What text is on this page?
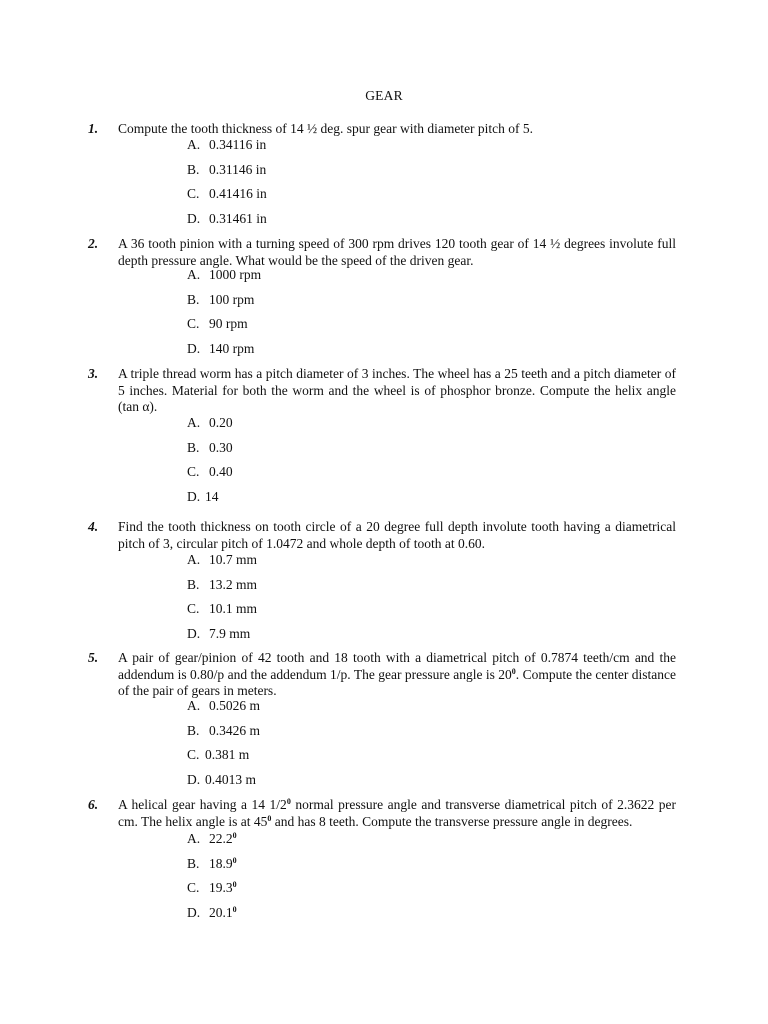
GEAR
1. Compute the tooth thickness of 14 ½ deg. spur gear with diameter pitch of 5.
A. 0.34116 in
B. 0.31146 in
C. 0.41416 in
D. 0.31461 in
2. A 36 tooth pinion with a turning speed of 300 rpm drives 120 tooth gear of 14 ½ degrees involute full depth pressure angle. What would be the speed of the driven gear.
A. 1000 rpm
B. 100 rpm
C. 90 rpm
D. 140 rpm
3. A triple thread worm has a pitch diameter of 3 inches. The wheel has a 25 teeth and a pitch diameter of 5 inches. Material for both the worm and the wheel is of phosphor bronze. Compute the helix angle (tan α).
A. 0.20
B. 0.30
C. 0.40
D. 14
4. Find the tooth thickness on tooth circle of a 20 degree full depth involute tooth having a diametrical pitch of 3, circular pitch of 1.0472 and whole depth of tooth at 0.60.
A. 10.7 mm
B. 13.2 mm
C. 10.1 mm
D. 7.9 mm
5. A pair of gear/pinion of 42 tooth and 18 tooth with a diametrical pitch of 0.7874 teeth/cm and the addendum is 0.80/p and the addendum 1/p. The gear pressure angle is $20^0$. Compute the center distance of the pair of gears in meters.
A. 0.5026 m
B. 0.3426 m
C. 0.381 m
D. 0.4013 m
6. A helical gear having a 14 $1/2^0$ normal pressure angle and transverse diametrical pitch of 2.3622 per cm. The helix angle is at $45^0$ and has 8 teeth. Compute the transverse pressure angle in degrees.
A. 22.2$^0$
B. 18.9$^0$
C. 19.3$^0$
D. 20.1$^0$
